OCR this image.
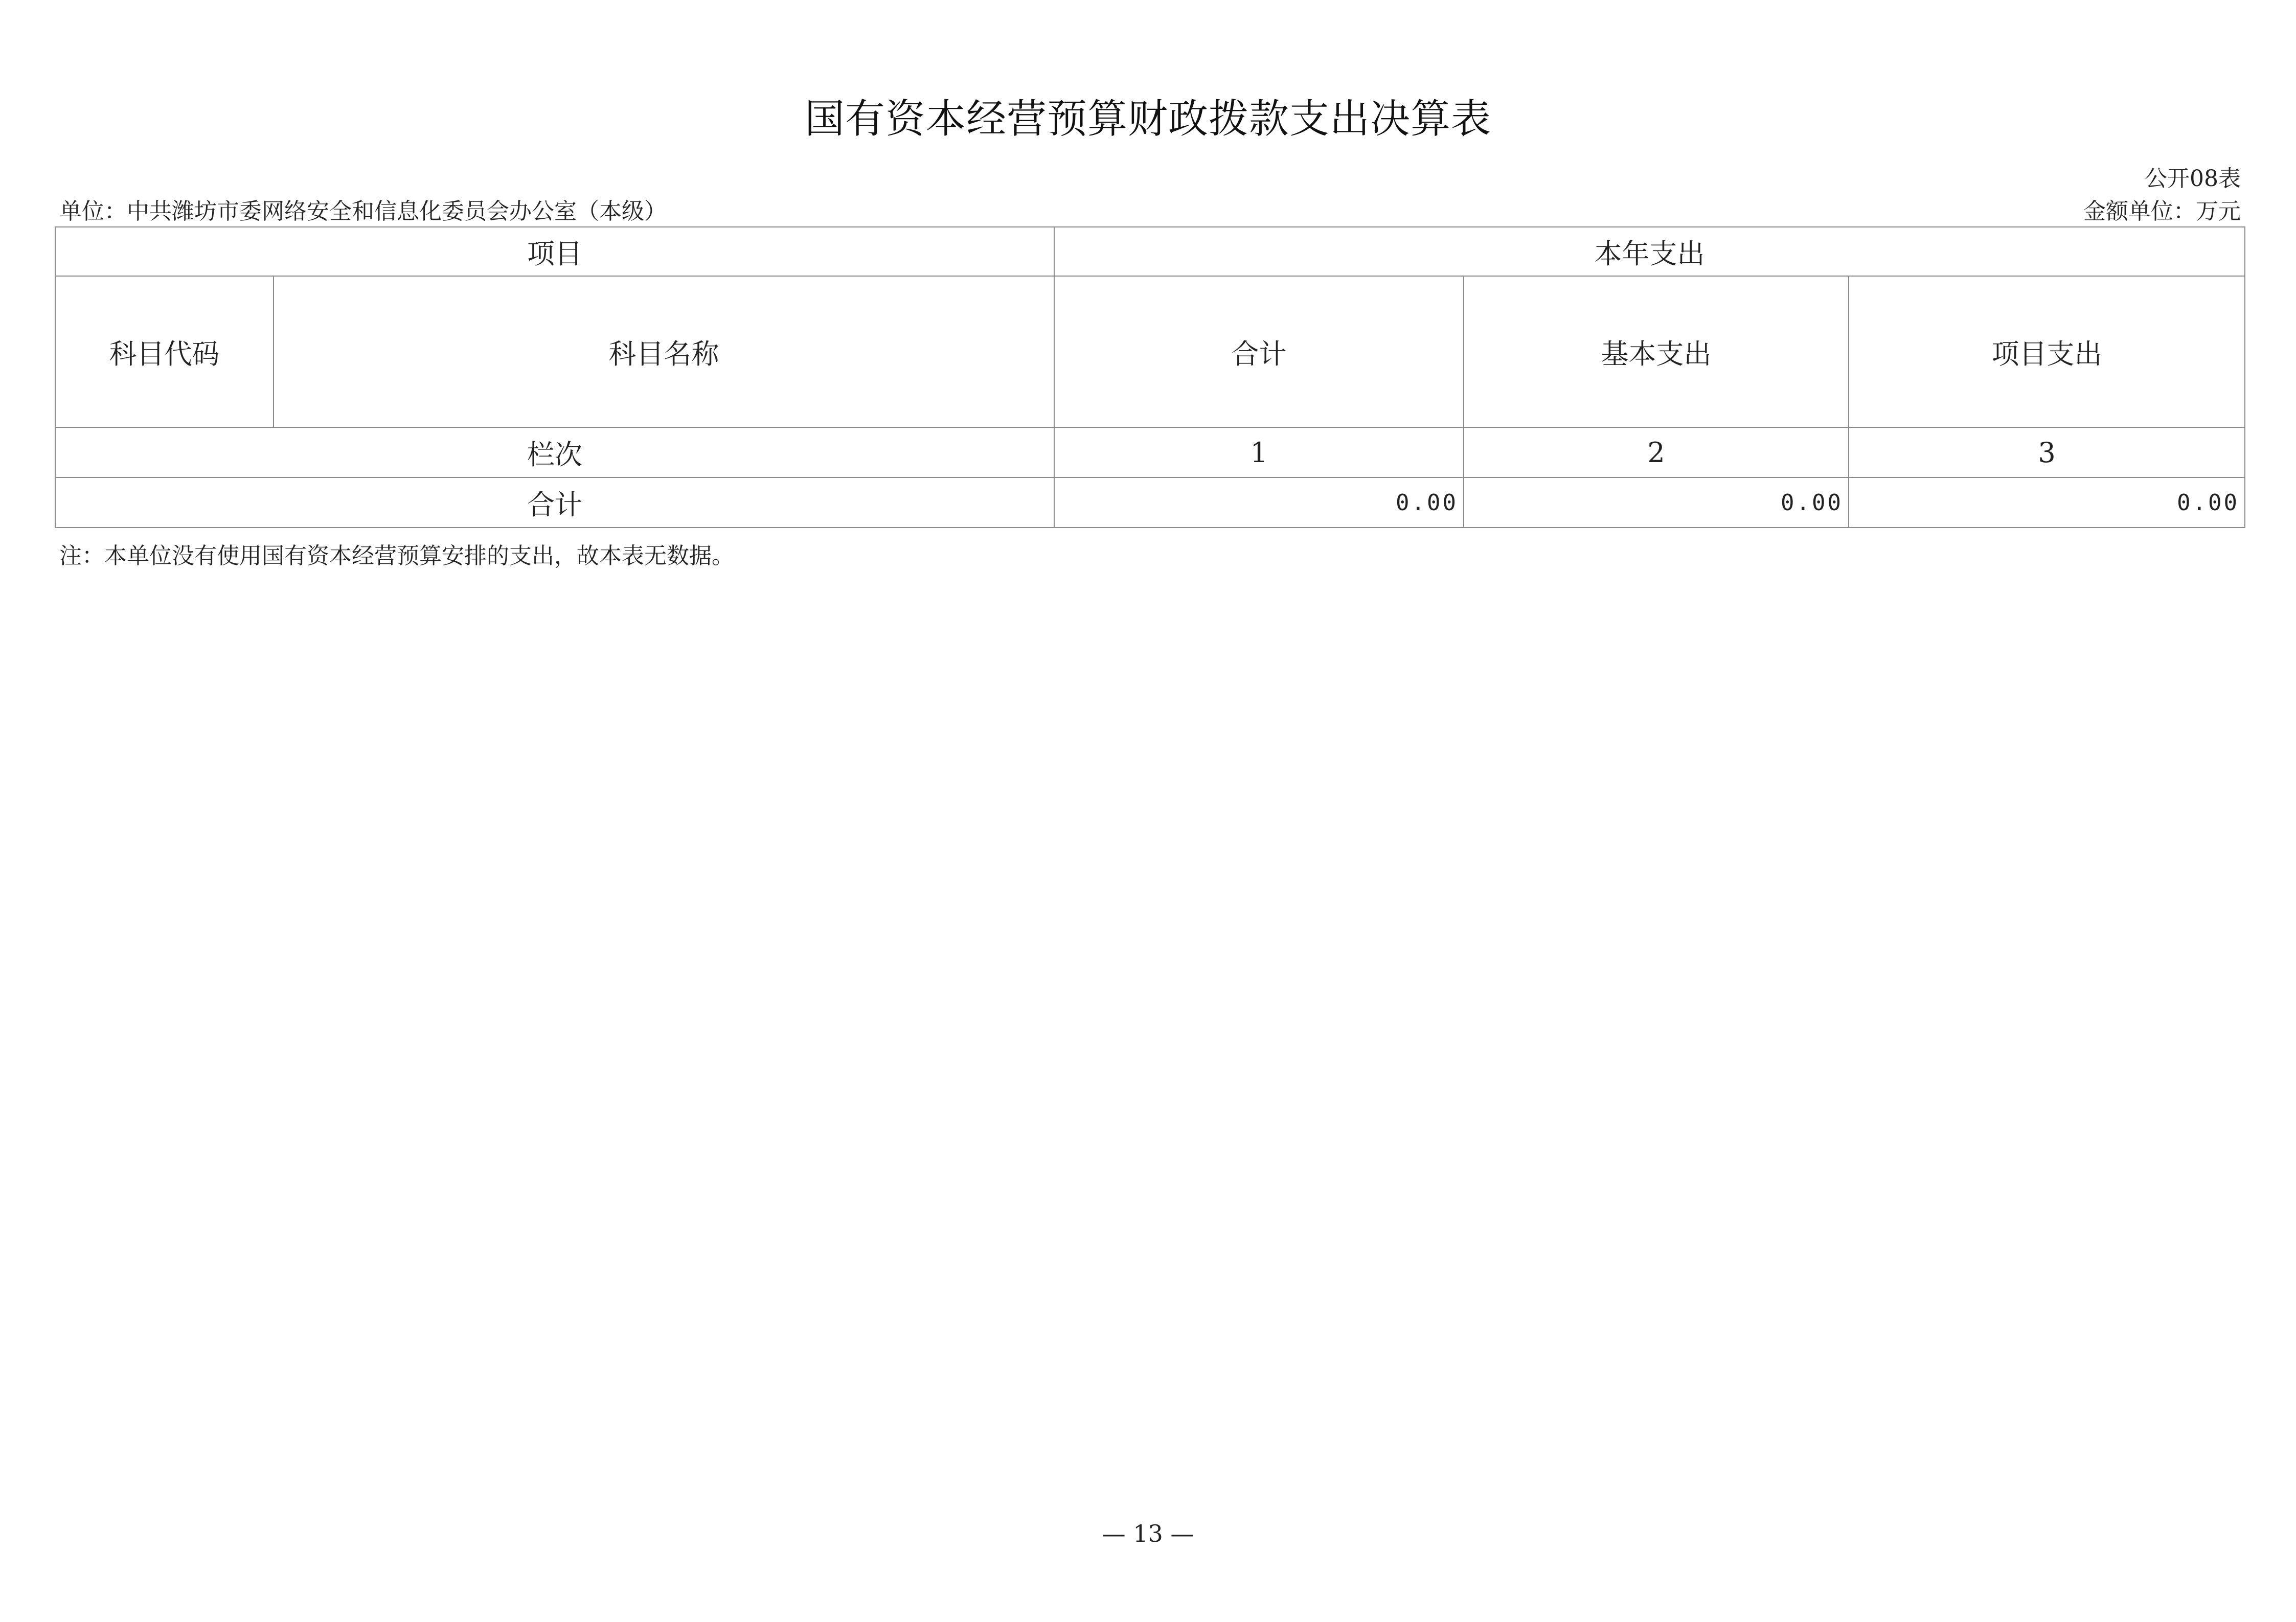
国有资本经营预算财政拨款支出决算表
公开08表
单位：中共潍坊市委网络安全和信息化委员会办公室（本级）	金额单位：万元
项目		本年支出		
科目代码	科目名称	合计	基本支出	项目支出
栏次		1	2	3
合计		0.00	0.00	0.00
注：本单位没有使用国有资本经营预算安排的支出，故本表无数据。
— 13 —
